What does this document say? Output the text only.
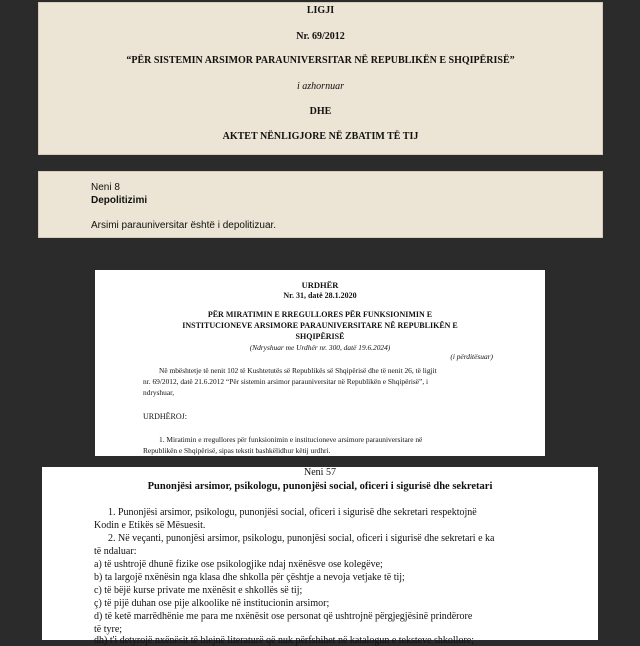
LIGJI
Nr. 69/2012
“PËR SISTEMIN ARSIMOR PARAUNIVERSITAR NË REPUBLIKËN E SHQIPËRISË”
i azhornuar
DHE
AKTET NËNLIGJORE NË ZBATIM TË TIJ
Neni 8
Depolitizimi
Arsimi parauniversitar është i depolitizuar.
URDHËR
Nr. 31, datë 28.1.2020
PËR MIRATIMIN E RREGULLORES PËR FUNKSIONIMIN E
INSTITUCIONEVE ARSIMORE PARAUNIVERSITARE NË REPUBLIKËN E
SHQIPËRISË
(Ndryshuar me Urdhër nr. 300, datë 19.6.2024)
(i përditësuar)
Në mbështetje të nenit 102 të Kushtetutës së Republikës së Shqipërisë dhe të nenit 26, të ligjit
nr. 69/2012, datë 21.6.2012 “Për sistemin arsimor parauniversitar në Republikën e Shqipërisë”, i
ndryshuar,
URDHËROJ:
1. Miratimin e rregullores për funksionimin e institucioneve arsimore parauniversitare në
Republikën e Shqipërisë, sipas tekstit bashkëlidhur këtij urdhri.
Neni 57
Punonjësi arsimor, psikologu, punonjësi social, oficeri i sigurisë dhe sekretari
1. Punonjësi arsimor, psikologu, punonjësi social, oficeri i sigurisë dhe sekretari respektojnë
Kodin e Etikës së Mësuesit.
2. Në veçanti, punonjësi arsimor, psikologu, punonjësi social, oficeri i sigurisë dhe sekretari e ka
të ndaluar:
a) të ushtrojë dhunë fizike ose psikologjike ndaj nxënësve ose kolegëve;
b) ta largojë nxënësin nga klasa dhe shkolla për çështje a nevoja vetjake të tij;
c) të bëjë kurse private me nxënësit e shkollës së tij;
ç) të pijë duhan ose pije alkoolike në institucionin arsimor;
d) të ketë marrëdhënie me para me nxënësit ose personat që ushtrojnë përgjegjësinë prindërore
të tyre;
dh) t'i detyrojë nxënësit të blejnë literaturë që nuk përfshihet në katalogun e teksteve shkollore;
